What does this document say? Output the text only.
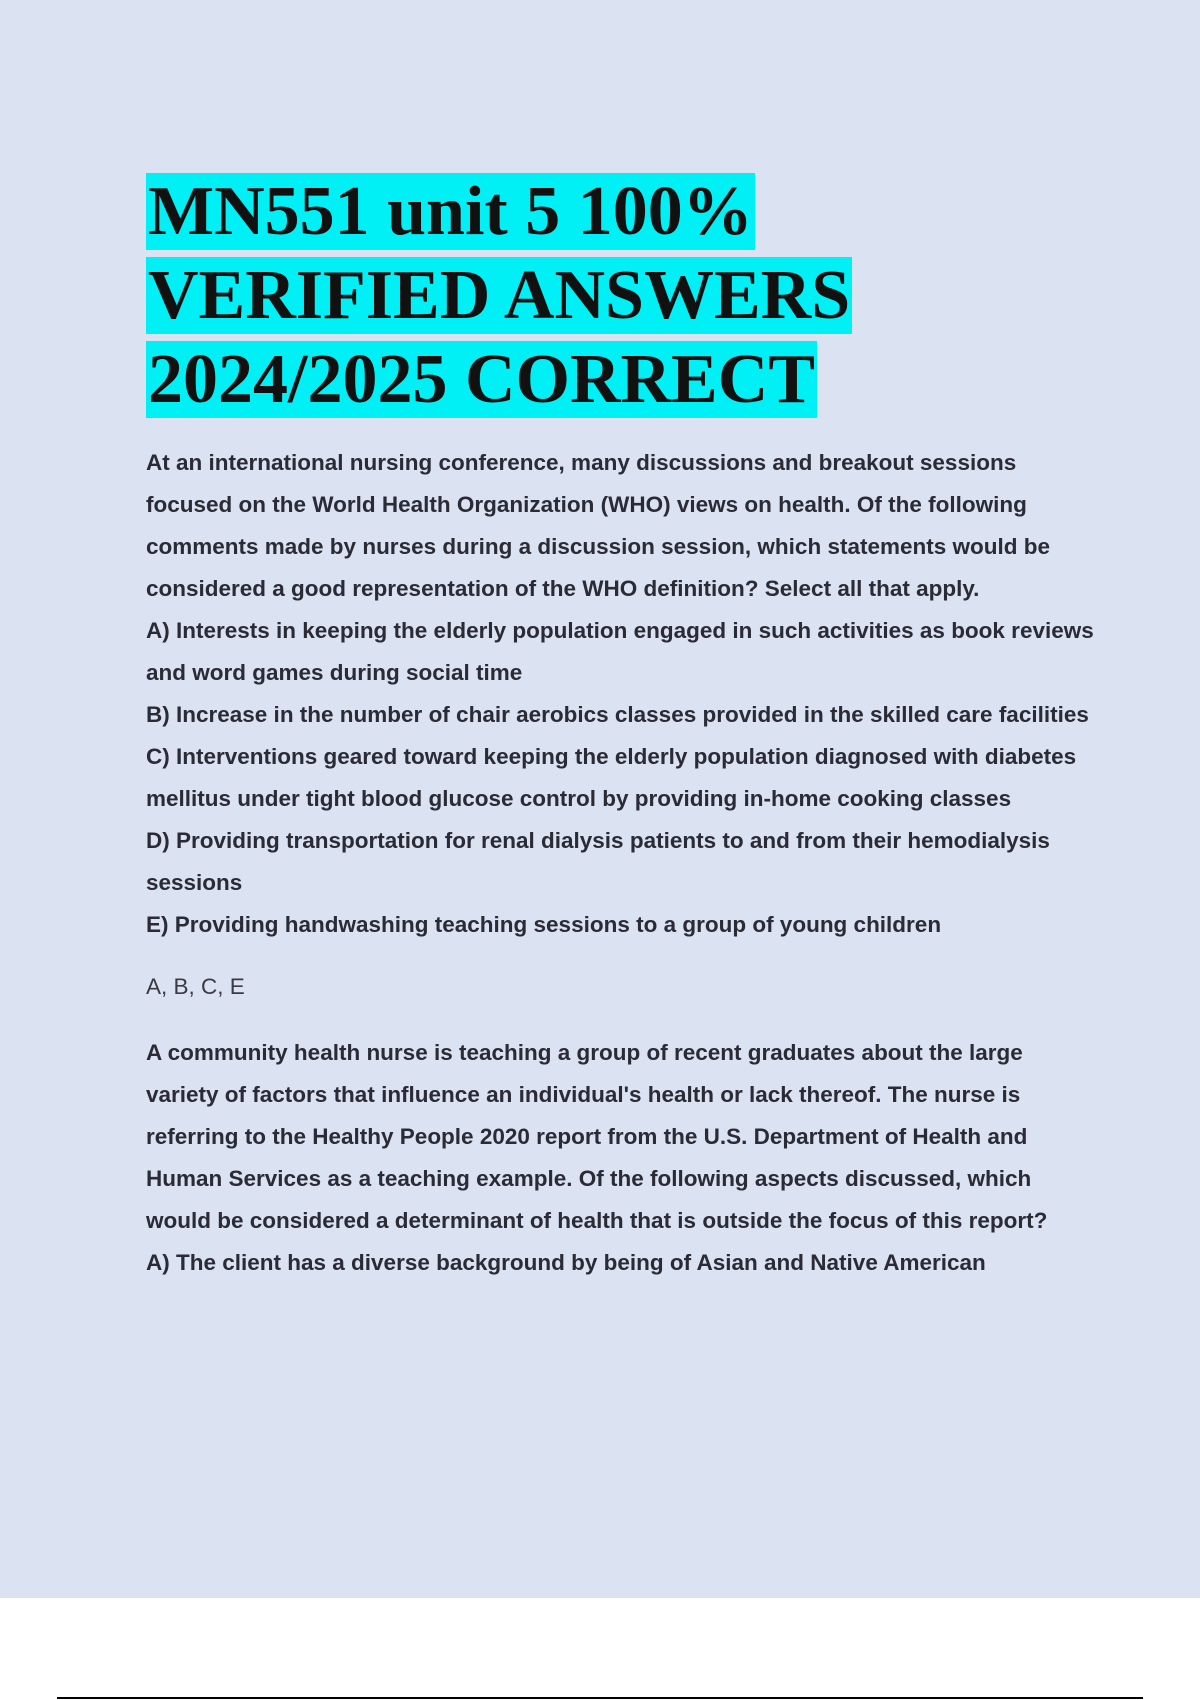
MN551 unit 5 100% VERIFIED ANSWERS 2024/2025 CORRECT

At an international nursing conference, many discussions and breakout sessions focused on the World Health Organization (WHO) views on health. Of the following comments made by nurses during a discussion session, which statements would be considered a good representation of the WHO definition? Select all that apply.

A) Interests in keeping the elderly population engaged in such activities as book reviews and word games during social time
B) Increase in the number of chair aerobics classes provided in the skilled care facilities
C) Interventions geared toward keeping the elderly population diagnosed with diabetes mellitus under tight blood glucose control by providing in-home cooking classes
D) Providing transportation for renal dialysis patients to and from their hemodialysis sessions
E) Providing handwashing teaching sessions to a group of young children

A, B, C, E

A community health nurse is teaching a group of recent graduates about the large variety of factors that influence an individual's health or lack thereof. The nurse is referring to the Healthy People 2020 report from the U.S. Department of Health and Human Services as a teaching example. Of the following aspects discussed, which would be considered a determinant of health that is outside the focus of this report?

A) The client has a diverse background by being of Asian and Native American
